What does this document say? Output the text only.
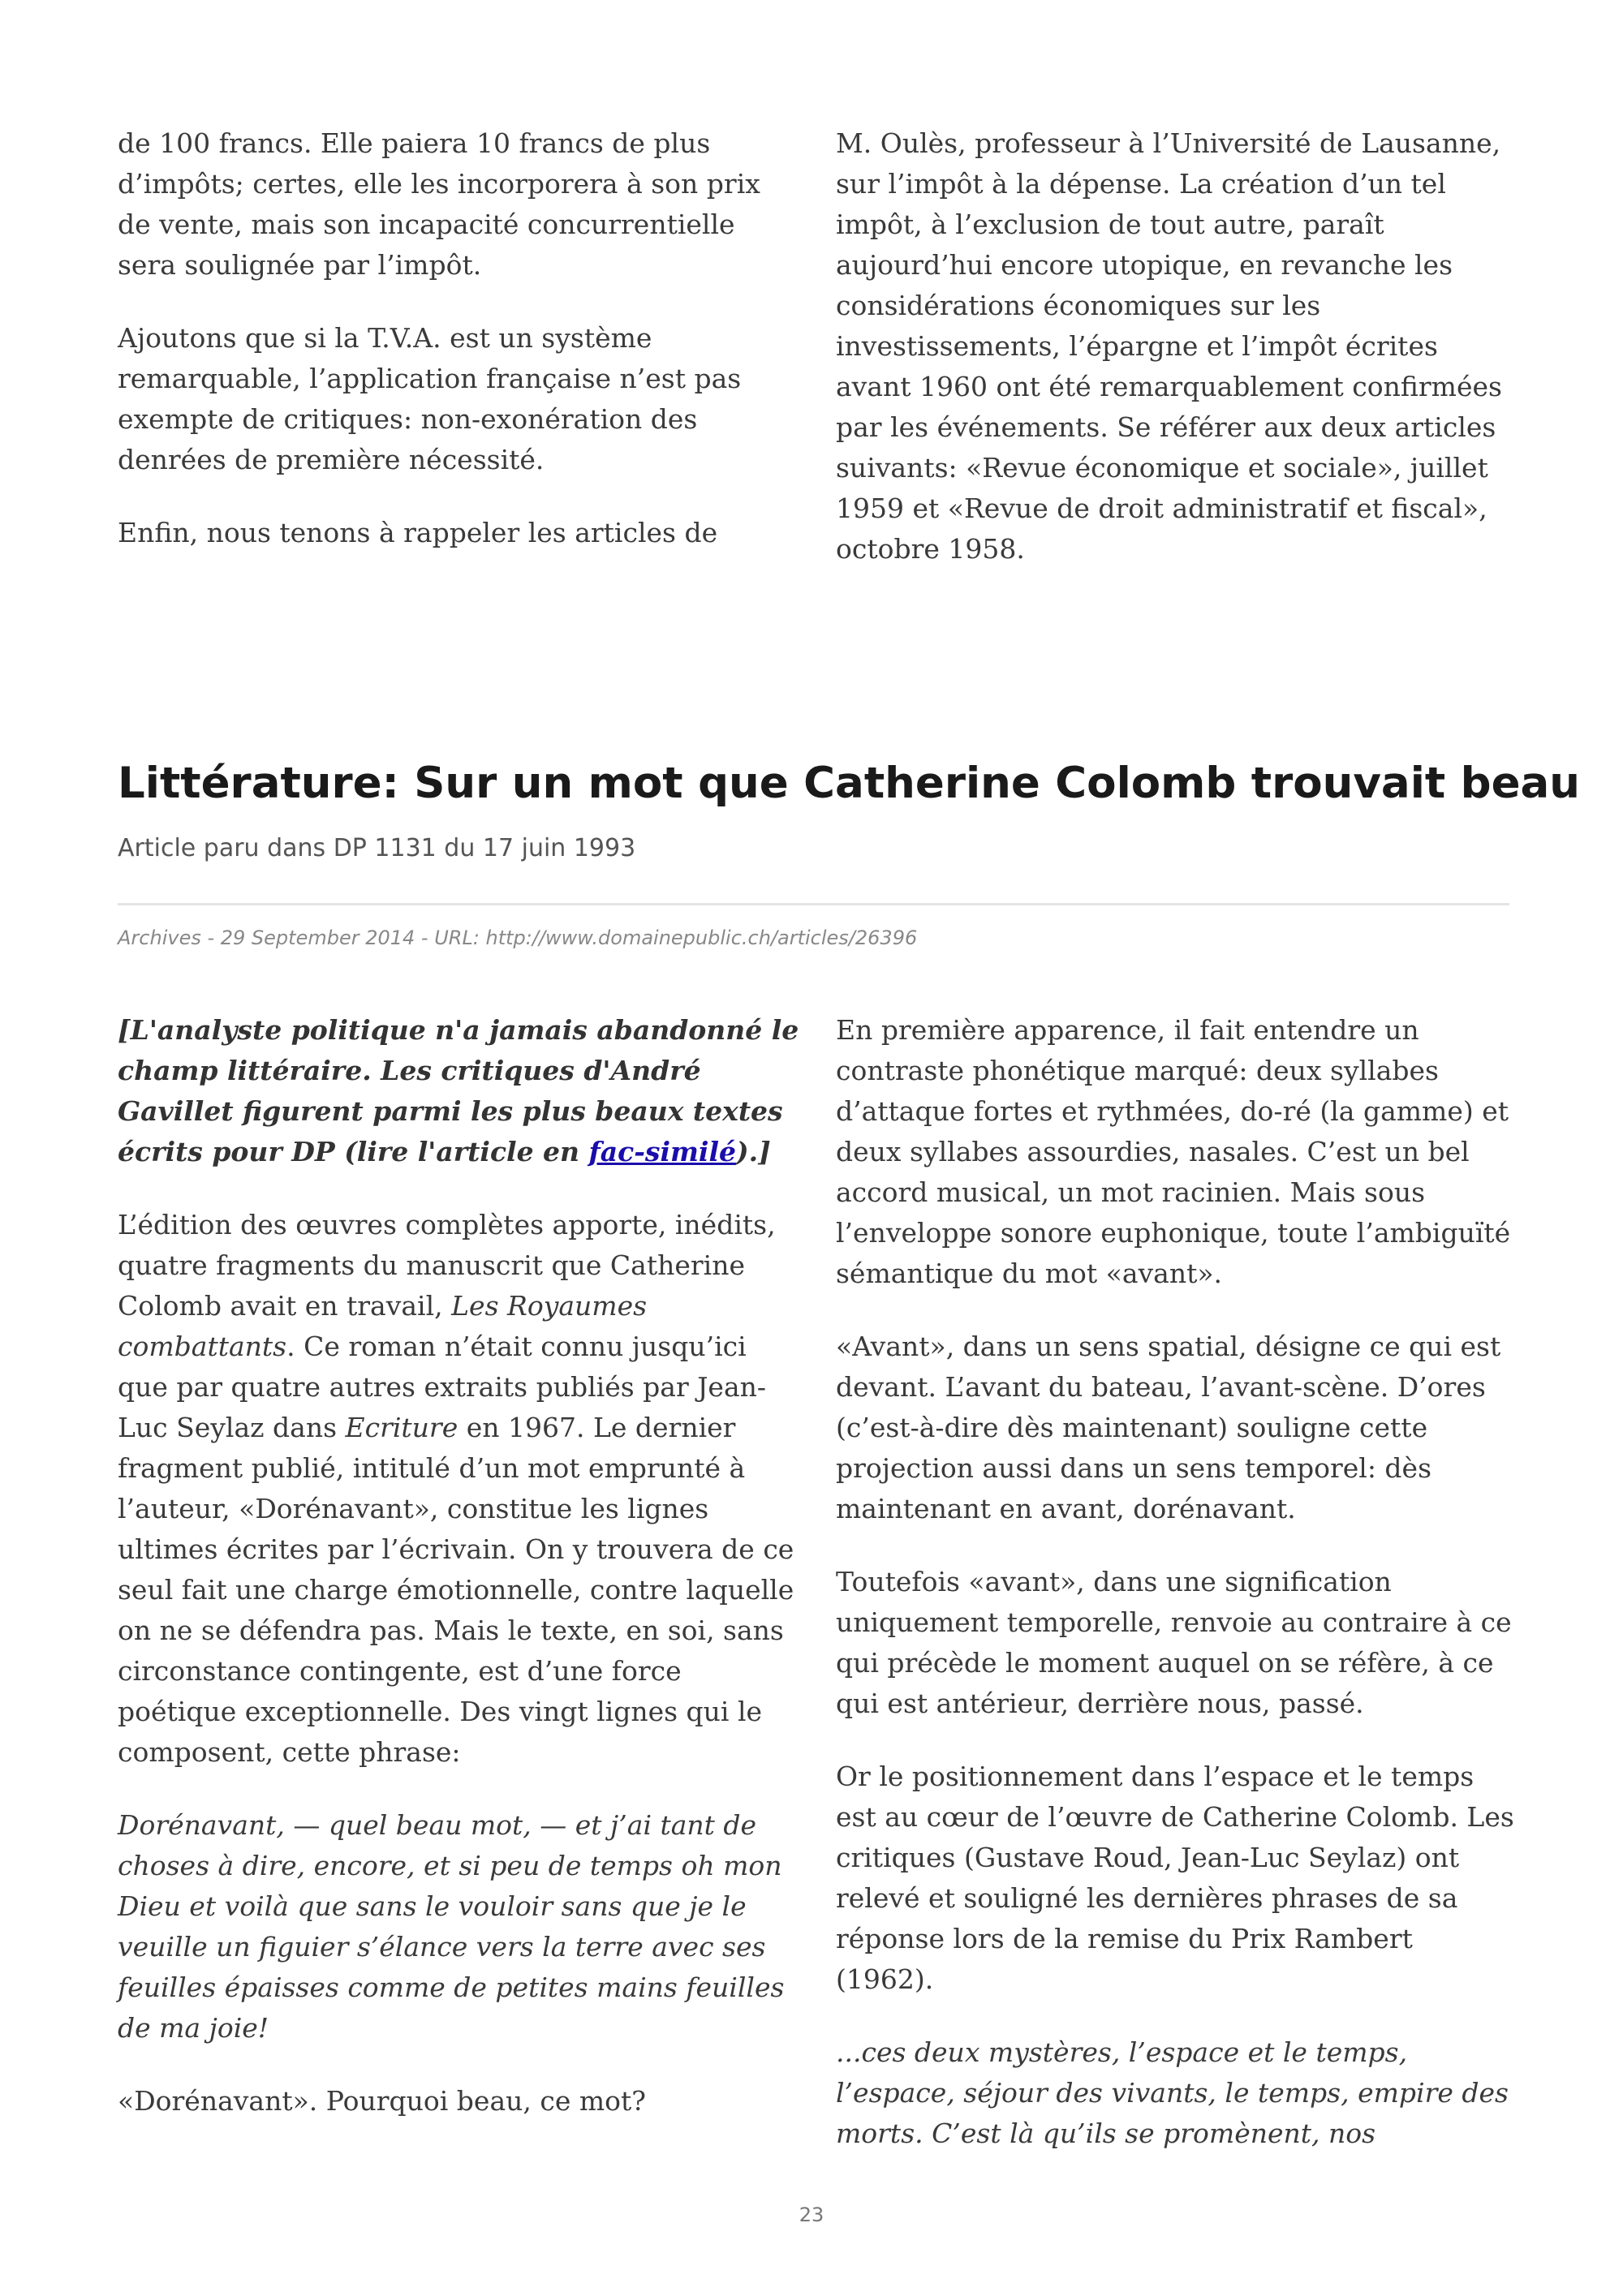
de 100 francs. Elle paiera 10 francs de plus d’impôts; certes, elle les incorporera à son prix de vente, mais son incapacité concurrentielle sera soulignée par l’impôt.

Ajoutons que si la T.V.A. est un système remarquable, l’application française n’est pas exempte de critiques: non-exonération des denrées de première nécessité.

Enfin, nous tenons à rappeler les articles de

M. Oulès, professeur à l’Université de Lausanne, sur l’impôt à la dépense. La création d’un tel impôt, à l’exclusion de tout autre, paraît aujourd’hui encore utopique, en revanche les considérations économiques sur les investissements, l’épargne et l’impôt écrites avant 1960 ont été remarquablement confirmées par les événements. Se référer aux deux articles suivants: «Revue économique et sociale», juillet 1959 et «Revue de droit administratif et fiscal», octobre 1958.

Littérature: Sur un mot que Catherine Colomb trouvait beau
Article paru dans DP 1131 du 17 juin 1993
Archives - 29 September 2014 - URL: http://www.domainepublic.ch/articles/26396

[L'analyste politique n'a jamais abandonné le champ littéraire. Les critiques d'André Gavillet figurent parmi les plus beaux textes écrits pour DP (lire l'article en fac-similé).]

L’édition des œuvres complètes apporte, inédits, quatre fragments du manuscrit que Catherine Colomb avait en travail, Les Royaumes combattants. Ce roman n’était connu jusqu’ici que par quatre autres extraits publiés par Jean-Luc Seylaz dans Ecriture en 1967. Le dernier fragment publié, intitulé d’un mot emprunté à l’auteur, «Dorénavant», constitue les lignes ultimes écrites par l’écrivain. On y trouvera de ce seul fait une charge émotionnelle, contre laquelle on ne se défendra pas. Mais le texte, en soi, sans circonstance contingente, est d’une force poétique exceptionnelle. Des vingt lignes qui le composent, cette phrase:

Dorénavant, — quel beau mot, — et j’ai tant de choses à dire, encore, et si peu de temps oh mon Dieu et voilà que sans le vouloir sans que je le veuille un figuier s’élance vers la terre avec ses feuilles épaisses comme de petites mains feuilles de ma joie!

«Dorénavant». Pourquoi beau, ce mot?

En première apparence, il fait entendre un contraste phonétique marqué: deux syllabes d’attaque fortes et rythmées, do-ré (la gamme) et deux syllabes assourdies, nasales. C’est un bel accord musical, un mot racinien. Mais sous l’enveloppe sonore euphonique, toute l’ambiguïté sémantique du mot «avant».

«Avant», dans un sens spatial, désigne ce qui est devant. L’avant du bateau, l’avant-scène. D’ores (c’est-à-dire dès maintenant) souligne cette projection aussi dans un sens temporel: dès maintenant en avant, dorénavant.

Toutefois «avant», dans une signification uniquement temporelle, renvoie au contraire à ce qui précède le moment auquel on se réfère, à ce qui est antérieur, derrière nous, passé.

Or le positionnement dans l’espace et le temps est au cœur de l’œuvre de Catherine Colomb. Les critiques (Gustave Roud, Jean-Luc Seylaz) ont relevé et souligné les dernières phrases de sa réponse lors de la remise du Prix Rambert (1962).

...ces deux mystères, l’espace et le temps, l’espace, séjour des vivants, le temps, empire des morts. C’est là qu’ils se promènent, nos

23
